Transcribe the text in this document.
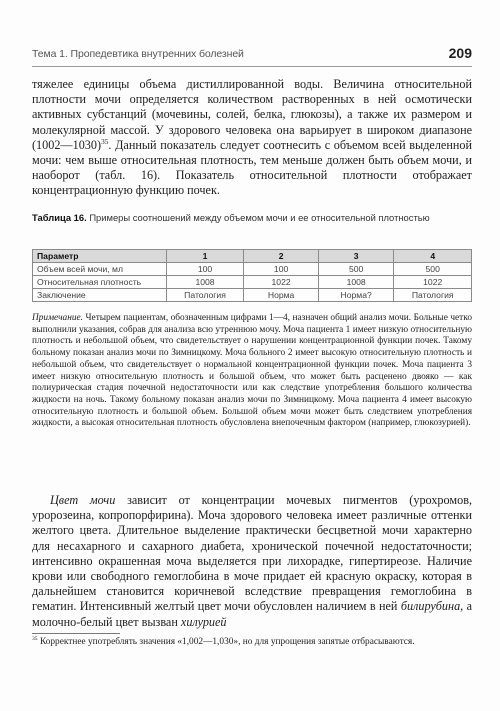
Тема 1. Пропедевтика внутренних болезней	209

тяжелее единицы объема дистиллированной воды. Величина относительной плотности мочи определяется количеством растворенных в ней осмотически активных субстанций (мочевины, солей, белка, глюкозы), а также их размером и молекулярной массой. У здорового человека она варьирует в широком диапазоне (1002—1030)$^{35}$. Данный показатель следует соотнесить с объемом всей выделенной мочи: чем выше относительная плотность, тем меньше должен быть объем мочи, и наоборот (табл. 16). Показатель относительной плотности отображает концентрационную функцию почек.

Таблица 16. Примеры соотношений между объемом мочи и ее относительной плотностью

Параметр	1	2	3	4
Объем всей мочи, мл	100	100	500	500
Относительная плотность	1008	1022	1008	1022
Заключение	Патология	Норма	Норма?	Патология

Примечание. Четырем пациентам, обозначенным цифрами 1—4, назначен общий анализ мочи. Больные четко выполнили указания, собрав для анализа всю утреннюю мочу. Моча пациента 1 имеет низкую относительную плотность и небольшой объем, что свидетельствует о нарушении концентрационной функции почек. Такому больному показан анализ мочи по Зимницкому. Моча больного 2 имеет высокую относительную плотность и небольшой объем, что свидетельствует о нормальной концентрационной функции почек. Моча пациента 3 имеет низкую относительную плотность и большой объем, что может быть расценено двояко — как полиурическая стадия почечной недостаточности или как следствие употребления большого количества жидкости на ночь. Такому больному показан анализ мочи по Зимницкому. Моча пациента 4 имеет высокую относительную плотность и большой объем. Большой объем мочи может быть следствием употребления жидкости, а высокая относительная плотность обусловлена внепочечным фактором (например, глюкозурией).

Цвет мочи зависит от концентрации мочевых пигментов (урохромов, уророзеина, копропорфирина). Моча здорового человека имеет различные оттенки желтого цвета. Длительное выделение практически бесцветной мочи характерно для несахарного и сахарного диабета, хронической почечной недостаточности; интенсивно окрашенная моча выделяется при лихорадке, гипертиреозе. Наличие крови или свободного гемоглобина в моче придает ей красную окраску, которая в дальнейшем становится коричневой вследствие превращения гемоглобина в гематин. Интенсивный желтый цвет мочи обусловлен наличием в ней билирубина, а молочно-белый цвет вызван хилурией

$^{35}$ Корректнее употреблять значения «1,002—1,030», но для упрощения запятые отбрасываются.
